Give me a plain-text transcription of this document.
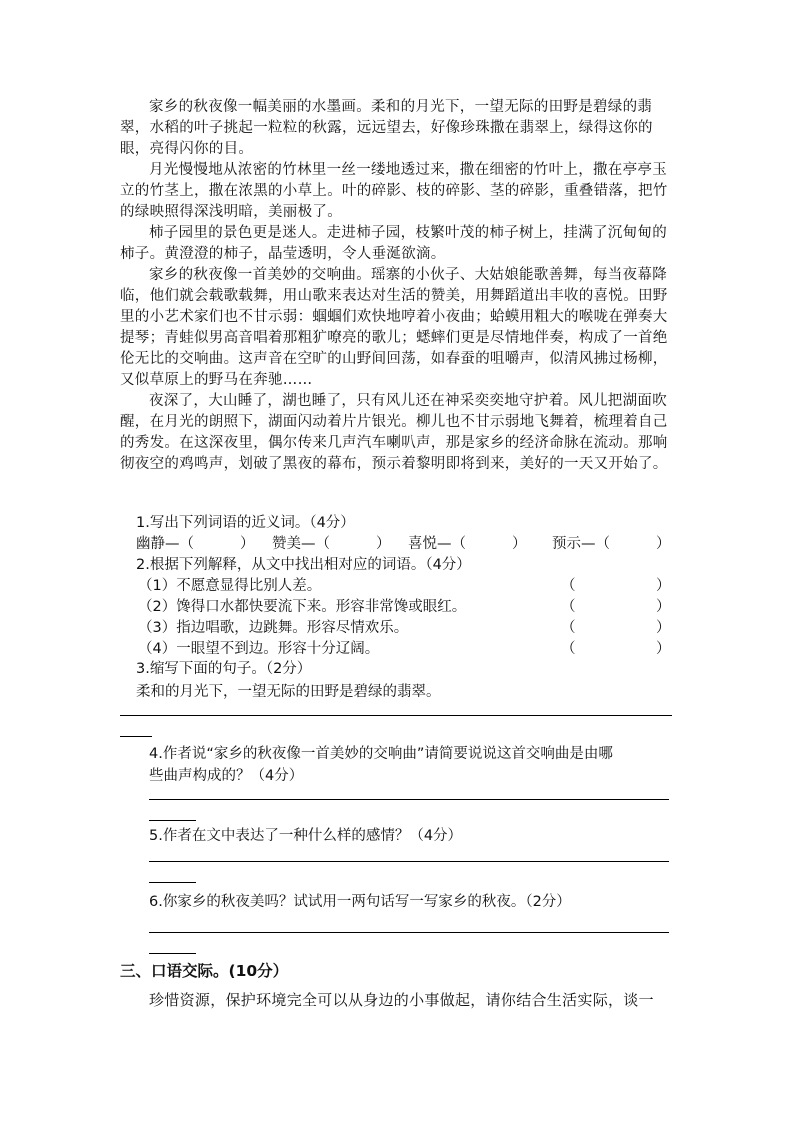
家乡的秋夜像一幅美丽的水墨画。柔和的月光下，一望无际的田野是碧绿的翡翠，水稻的叶子挑起一粒粒的秋露，远远望去，好像珍珠撒在翡翠上，绿得这你的眼，亮得闪你的目。

月光慢慢地从浓密的竹林里一丝一缕地透过来，撒在细密的竹叶上，撒在亭亭玉立的竹茎上，撒在浓黑的小草上。叶的碎影、枝的碎影、茎的碎影，重叠错落，把竹的绿映照得深浅明暗，美丽极了。

柿子园里的景色更是迷人。走进柿子园，枝繁叶茂的柿子树上，挂满了沉甸甸的柿子。黄澄澄的柿子，晶莹透明，令人垂涎欲滴。

家乡的秋夜像一首美妙的交响曲。瑶寨的小伙子、大姑娘能歌善舞，每当夜幕降临，他们就会载歌载舞，用山歌来表达对生活的赞美，用舞蹈道出丰收的喜悦。田野里的小艺术家们也不甘示弱：蝈蝈们欢快地哼着小夜曲；蛤蟆用粗大的喉咙在弹奏大提琴；青蛙似男高音唱着那粗犷嘹亮的歌儿；蟋蟀们更是尽情地伴奏，构成了一首绝伦无比的交响曲。这声音在空旷的山野间回荡，如春蚕的咀嚼声，似清风拂过杨柳，又似草原上的野马在奔驰……

夜深了，大山睡了，湖也睡了，只有风儿还在神采奕奕地守护着。风儿把湖面吹醒，在月光的朗照下，湖面闪动着片片银光。柳儿也不甘示弱地飞舞着，梳理着自己的秀发。在这深夜里，偶尔传来几声汽车喇叭声，那是家乡的经济命脉在流动。那响彻夜空的鸡鸣声，划破了黑夜的幕布，预示着黎明即将到来，美好的一天又开始了。

1.写出下列词语的近义词。（4分）
幽静—（	） 赞美—（	） 喜悦—（	） 预示—（	）
2.根据下列解释，从文中找出相对应的词语。（4分）
（1）不愿意显得比别人差。	（	）
（2）馋得口水都快要流下来。形容非常馋或眼红。	（	）
（3）指边唱歌，边跳舞。形容尽情欢乐。	（	）
（4）一眼望不到边。形容十分辽阔。	（	）
3.缩写下面的句子。（2分）
柔和的月光下，一望无际的田野是碧绿的翡翠。
4.作者说“家乡的秋夜像一首美妙的交响曲”请简要说说这首交响曲是由哪
些曲声构成的？（4分）
5.作者在文中表达了一种什么样的感情？（4分）
6.你家乡的秋夜美吗？试试用一两句话写一写家乡的秋夜。（2分）
三、口语交际。(10分）
珍惜资源，保护环境完全可以从身边的小事做起，请你结合生活实际，谈一
